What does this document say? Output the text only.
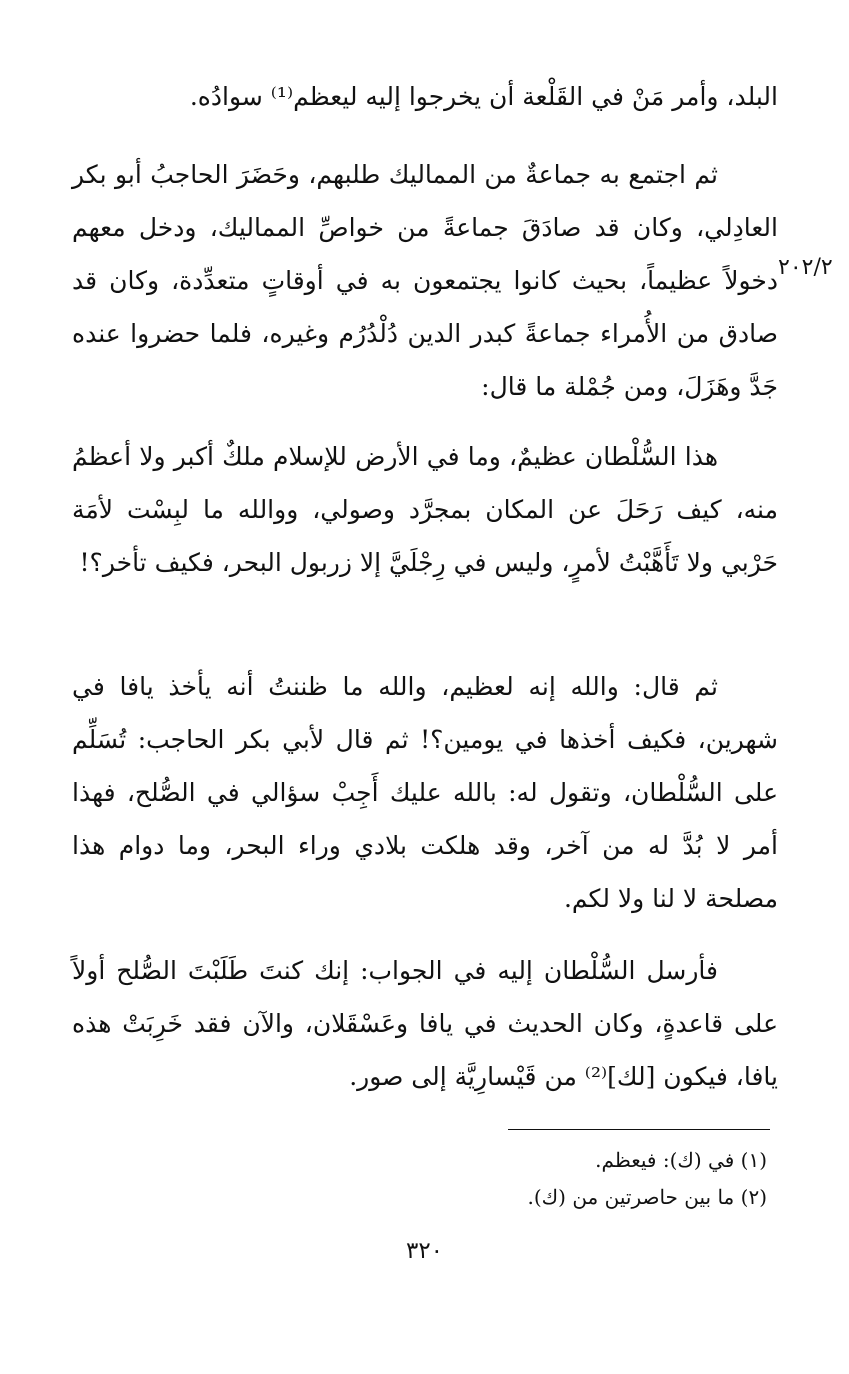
٢٠٢/٢

البلد، وأمر مَنْ في القَلْعة أن يخرجوا إليه ليعظم⁽¹⁾ سوادُه.

ثم اجتمع به جماعةٌ من المماليك طلبهم، وحَضَرَ الحاجبُ أبو بكر العادِلي، وكان قد صادَقَ جماعةً من خواصِّ المماليك، ودخل معهم دخولاً عظيماً، بحيث كانوا يجتمعون به في أوقاتٍ متعدِّدة، وكان قد صادق من الأُمراء جماعةً كبدر الدين دُلْدُرُم وغيره، فلما حضروا عنده جَدَّ وهَزَلَ، ومن جُمْلة ما قال:

هذا السُّلْطان عظيمٌ، وما في الأرض للإسلام ملكٌ أكبر ولا أعظمُ منه، كيف رَحَلَ عن المكان بمجرَّد وصولي، ووالله ما لبِسْت لأمَة حَرْبي ولا تَأَهَّبْتُ لأمرٍ، وليس في رِجْلَيَّ إلا زربول البحر، فكيف تأخر؟!

ثم قال: والله إنه لعظيم، والله ما ظننتُ أنه يأخذ يافا في شهرين، فكيف أخذها في يومين؟! ثم قال لأبي بكر الحاجب: تُسَلِّم على السُّلْطان، وتقول له: بالله عليك أَجِبْ سؤالي في الصُّلح، فهذا أمر لا بُدَّ له من آخر، وقد هلكت بلادي وراء البحر، وما دوام هذا مصلحة لا لنا ولا لكم.

فأرسل السُّلْطان إليه في الجواب: إنك كنتَ طَلَبْتَ الصُّلح أولاً على قاعدةٍ، وكان الحديث في يافا وعَسْقَلان، والآن فقد خَرِبَتْ هذه يافا، فيكون [لك]⁽²⁾ من قَيْسارِيَّة إلى صور.

(١) في (ك): فيعظم.
(٢) ما بين حاصرتين من (ك).
٣٢٠
